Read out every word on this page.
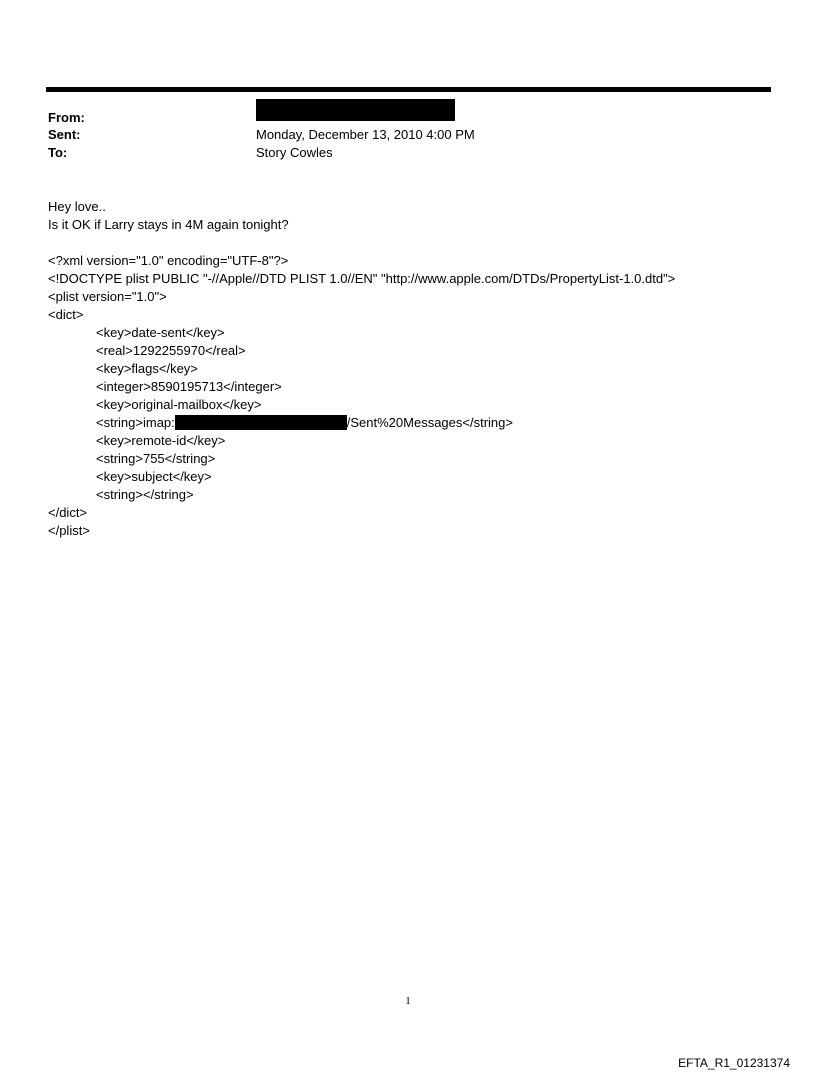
From:
Sent:	Monday, December 13, 2010 4:00 PM
To:	Story Cowles
Hey love..
Is it OK if Larry stays in 4M again tonight?
<?xml version="1.0" encoding="UTF-8"?>
<!DOCTYPE plist PUBLIC "-//Apple//DTD PLIST 1.0//EN" "http://www.apple.com/DTDs/PropertyList-1.0.dtd">
<plist version="1.0">
<dict>
<key>date-sent</key>
<real>1292255970</real>
<key>flags</key>
<integer>8590195713</integer>
<key>original-mailbox</key>
<string>imap:	/Sent%20Messages</string>
<key>remote-id</key>
<string>755</string>
<key>subject</key>
<string></string>
</dict>
</plist>
1
EFTA_R1_01231374
